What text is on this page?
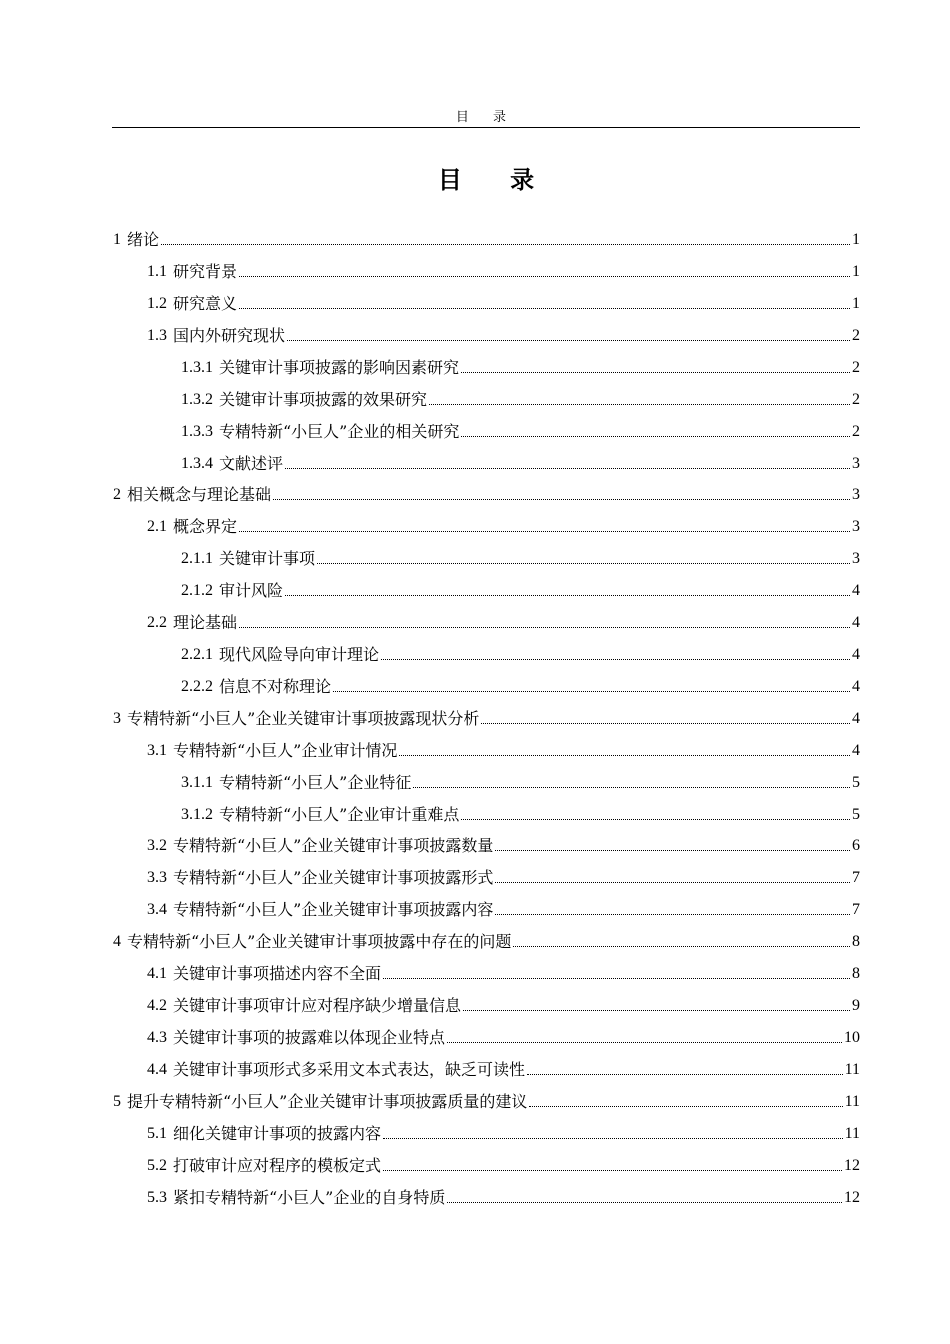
目 录
目 录
1 绪论	1
1.1 研究背景	1
1.2 研究意义	1
1.3 国内外研究现状	2
1.3.1 关键审计事项披露的影响因素研究	2
1.3.2 关键审计事项披露的效果研究	2
1.3.3 专精特新“小巨人”企业的相关研究	2
1.3.4 文献述评	3
2 相关概念与理论基础	3
2.1 概念界定	3
2.1.1 关键审计事项	3
2.1.2 审计风险	4
2.2 理论基础	4
2.2.1 现代风险导向审计理论	4
2.2.2 信息不对称理论	4
3 专精特新“小巨人”企业关键审计事项披露现状分析	4
3.1 专精特新“小巨人”企业审计情况	4
3.1.1 专精特新“小巨人”企业特征	5
3.1.2 专精特新“小巨人”企业审计重难点	5
3.2 专精特新“小巨人”企业关键审计事项披露数量	6
3.3 专精特新“小巨人”企业关键审计事项披露形式	7
3.4 专精特新“小巨人”企业关键审计事项披露内容	7
4 专精特新“小巨人”企业关键审计事项披露中存在的问题	8
4.1 关键审计事项描述内容不全面	8
4.2 关键审计事项审计应对程序缺少增量信息	9
4.3 关键审计事项的披露难以体现企业特点	10
4.4 关键审计事项形式多采用文本式表达，缺乏可读性	11
5 提升专精特新“小巨人”企业关键审计事项披露质量的建议	11
5.1 细化关键审计事项的披露内容	11
5.2 打破审计应对程序的模板定式	12
5.3 紧扣专精特新“小巨人”企业的自身特质	12
